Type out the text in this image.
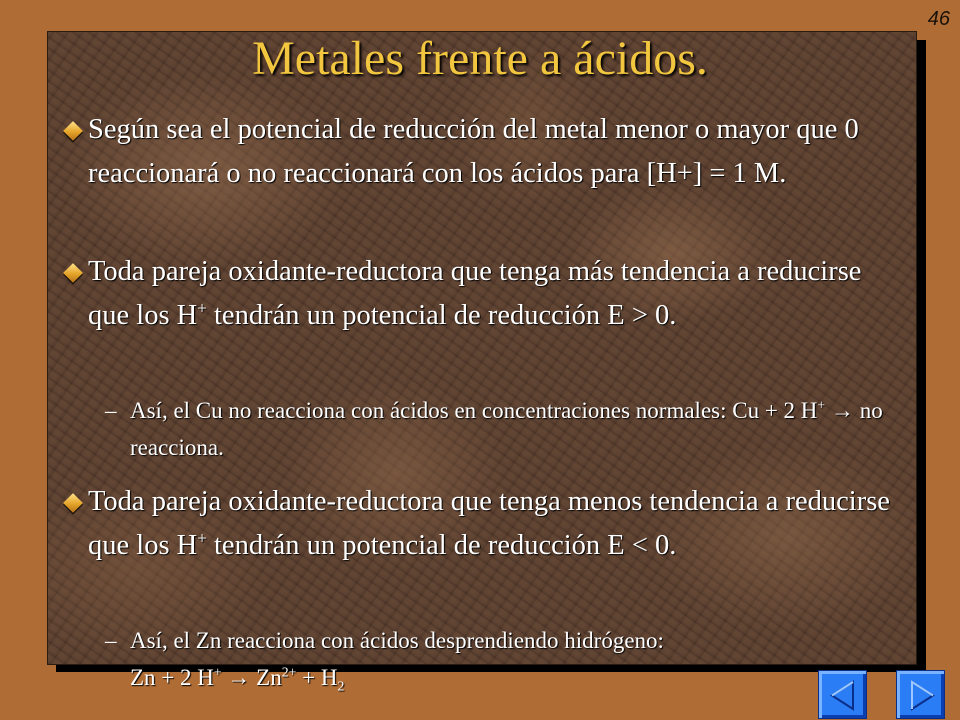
46
Metales frente a ácidos.
Según sea el potencial de reducción del metal menor o mayor que 0 reaccionará o no reaccionará con los ácidos para [H+] = 1 M.
Toda pareja oxidante-reductora que tenga más tendencia a reducirse que los H+ tendrán un potencial de reducción E > 0.
– Así, el Cu no reacciona con ácidos en concentraciones normales: Cu + 2 H+ → no reacciona.
Toda pareja oxidante-reductora que tenga menos tendencia a reducirse que los H+ tendrán un potencial de reducción E < 0.
– Así, el Zn reacciona con ácidos desprendiendo hidrógeno:
Zn + 2 $H^+ \to Zn^{2+} + H_2$
